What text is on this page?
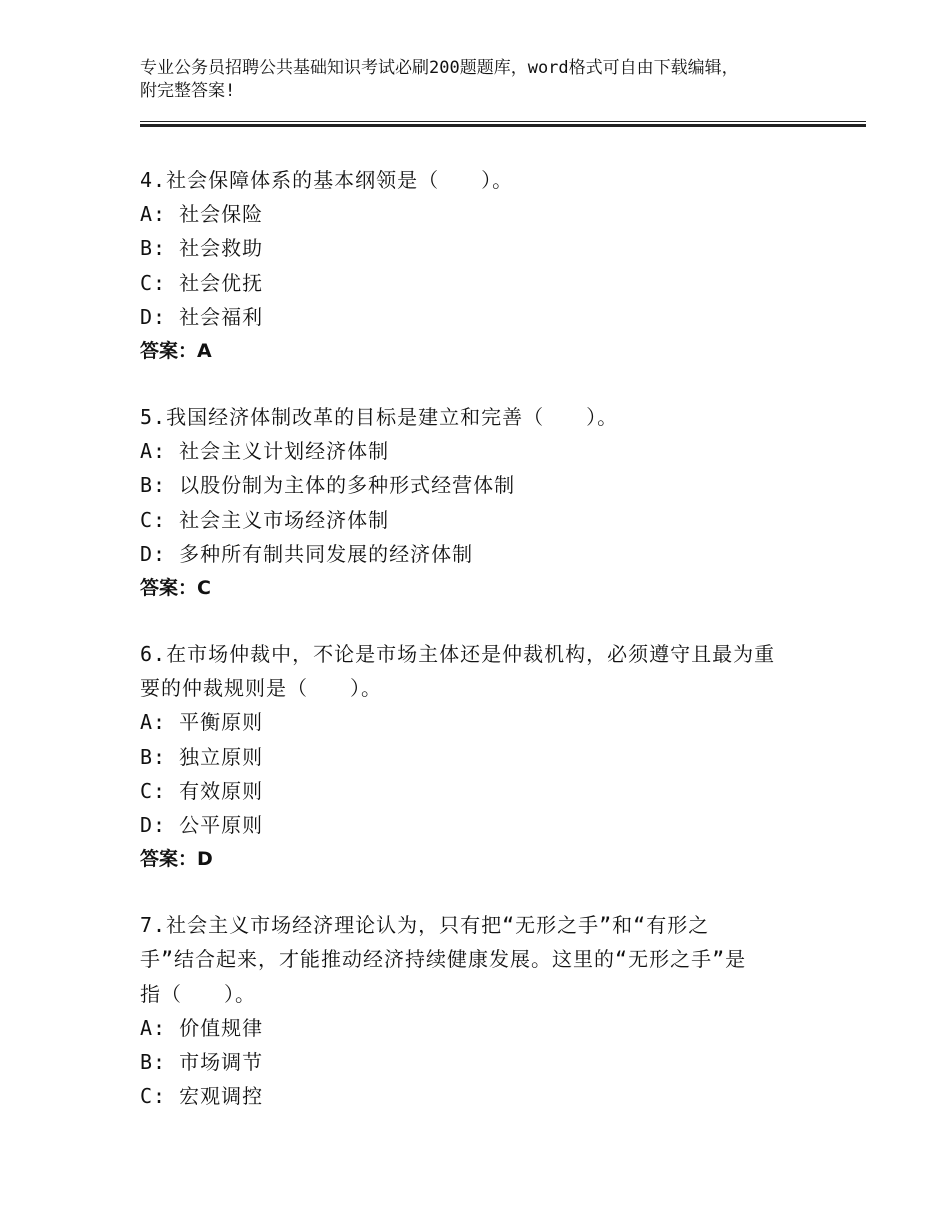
专业公务员招聘公共基础知识考试必刷200题题库，word格式可自由下载编辑，
附完整答案!
4.社会保障体系的基本纲领是（　　）。
A: 社会保险
B: 社会救助
C: 社会优抚
D: 社会福利
答案：A
5.我国经济体制改革的目标是建立和完善（　　）。
A: 社会主义计划经济体制
B: 以股份制为主体的多种形式经营体制
C: 社会主义市场经济体制
D: 多种所有制共同发展的经济体制
答案：C
6.在市场仲裁中，不论是市场主体还是仲裁机构，必须遵守且最为重
要的仲裁规则是（　　）。
A: 平衡原则
B: 独立原则
C: 有效原则
D: 公平原则
答案：D
7.社会主义市场经济理论认为，只有把“无形之手”和“有形之
手”结合起来，才能推动经济持续健康发展。这里的“无形之手”是
指（　　）。
A: 价值规律
B: 市场调节
C: 宏观调控
